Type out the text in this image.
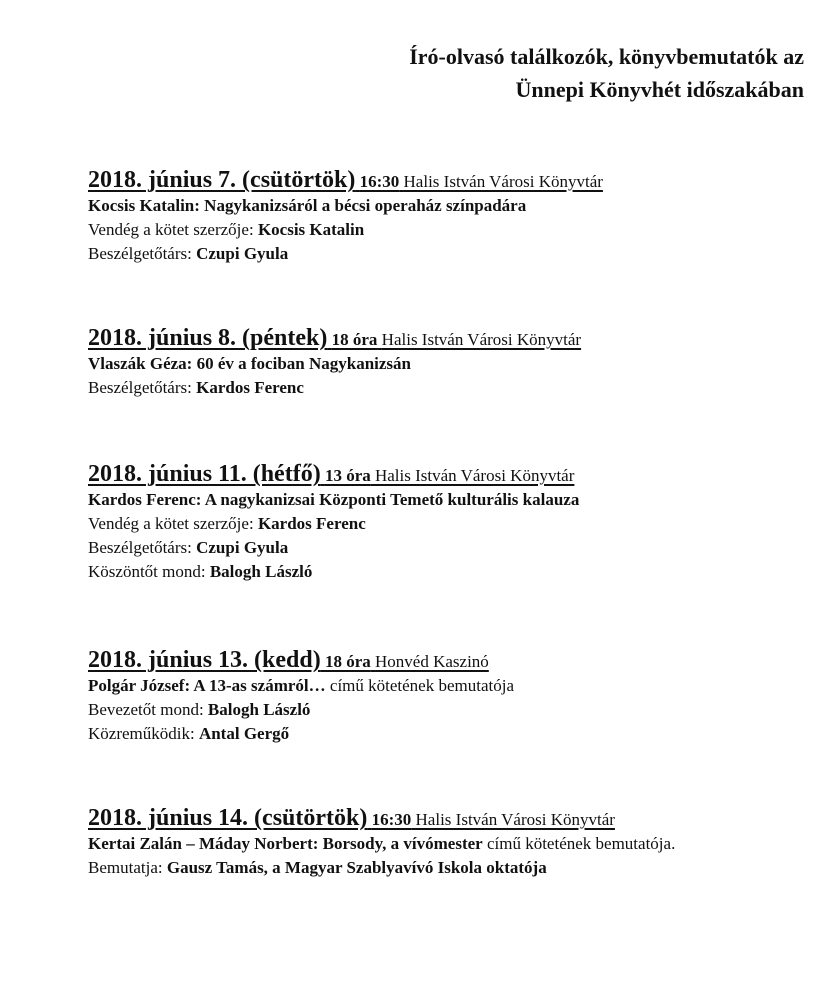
Író-olvasó találkozók, könyvbemutatók az
Ünnepi Könyvhét időszakában
2018. június 7. (csütörtök) 16:30 Halis István Városi Könyvtár
Kocsis Katalin: Nagykanizsáról a bécsi operaház színpadára
Vendég a kötet szerzője: Kocsis Katalin
Beszélgetőtárs: Czupi Gyula
2018. június 8. (péntek) 18 óra Halis István Városi Könyvtár
Vlaszák Géza: 60 év a fociban Nagykanizsán
Beszélgetőtárs: Kardos Ferenc
2018. június 11. (hétfő) 13 óra Halis István Városi Könyvtár
Kardos Ferenc: A nagykanizsai Központi Temető kulturális kalauza
Vendég a kötet szerzője: Kardos Ferenc
Beszélgetőtárs: Czupi Gyula
Köszöntőt mond: Balogh László
2018. június 13. (kedd) 18 óra Honvéd Kaszinó
Polgár József: A 13-as számról… című kötetének bemutatója
Bevezetőt mond: Balogh László
Közreműködik: Antal Gergő
2018. június 14. (csütörtök) 16:30 Halis István Városi Könyvtár
Kertai Zalán – Máday Norbert: Borsody, a vívómester című kötetének bemutatója.
Bemutatja: Gausz Tamás, a Magyar Szablyavívó Iskola oktatója
